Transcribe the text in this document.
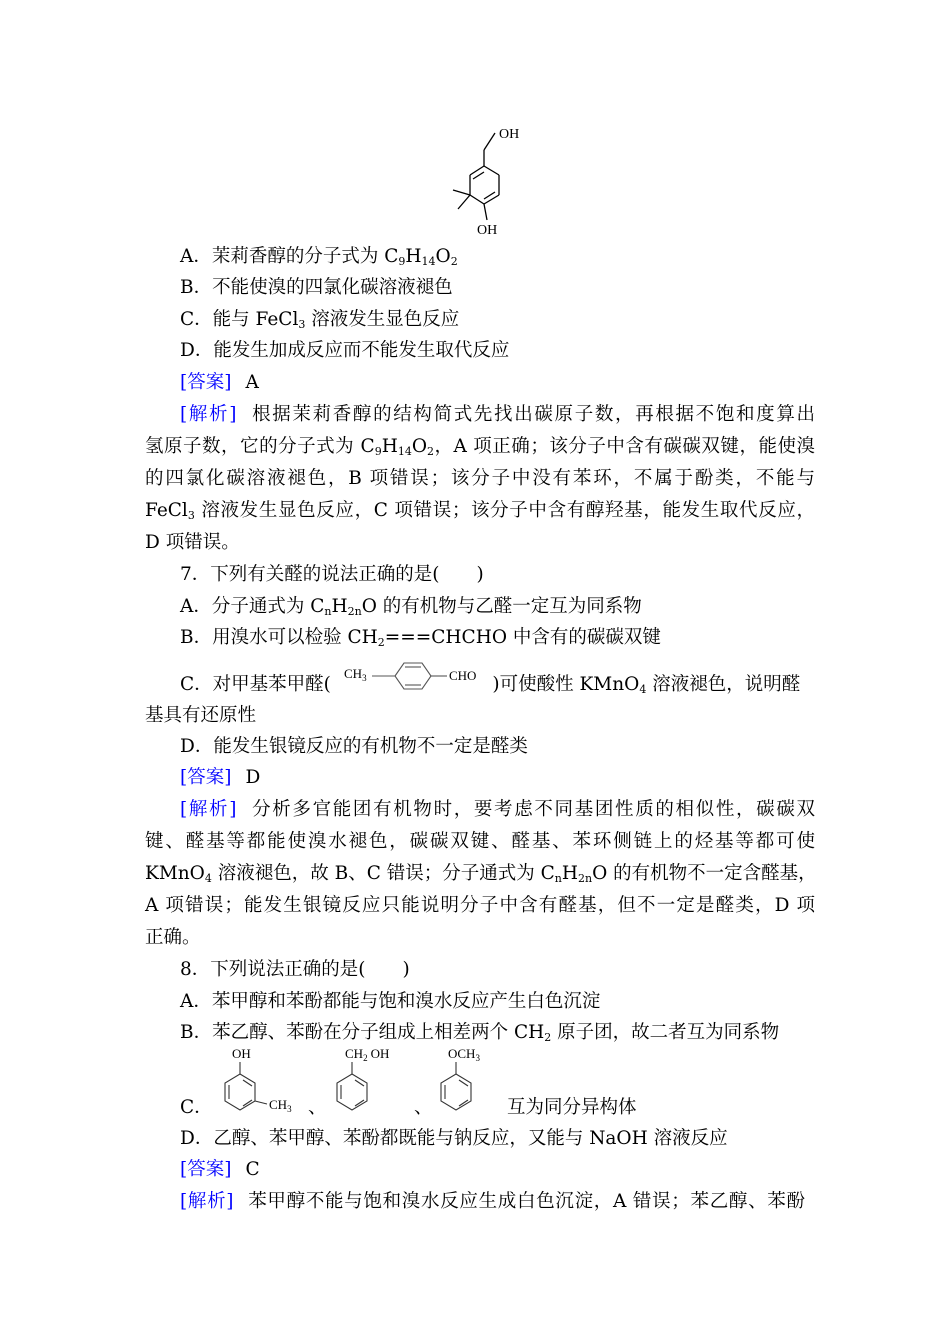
OH
OH
A．茉莉香醇的分子式为 $C_9H_{14}O_2$
B．不能使溴的四氯化碳溶液褪色
C．能与 FeCl$_3$ 溶液发生显色反应
D．能发生加成反应而不能发生取代反应
[答案] A
[解析] 根据茉莉香醇的结构简式先找出碳原子数，再根据不饱和度算出
氢原子数，它的分子式为 $C_9H_{14}O_2$，A 项正确；该分子中含有碳碳双键，能使溴
的四氯化碳溶液褪色，B 项错误；该分子中没有苯环，不属于酚类，不能与
FeCl$_3$ 溶液发生显色反应，C 项错误；该分子中含有醇羟基，能发生取代反应，
D 项错误。
7．下列有关醛的说法正确的是(　　)
A．分子通式为 $C_nH_{2n}O$ 的有机物与乙醛一定互为同系物
B．用溴水可以检验 $CH_2===CHCHO$ 中含有的碳碳双键
C．对甲基苯甲醛(	　)可使酸性 KMnO$_4$ 溶液褪色，说明醛
$CH_3$	CHO
基具有还原性
D．能发生银镜反应的有机物不一定是醛类
[答案] D
[解析] 分析多官能团有机物时，要考虑不同基团性质的相似性，碳碳双
键、醛基等都能使溴水褪色，碳碳双键、醛基、苯环侧链上的烃基等都可使
KMnO$_4$ 溶液褪色，故 B、C 错误；分子通式为 $C_nH_{2n}O$ 的有机物不一定含醛基，
A 项错误；能发生银镜反应只能说明分子中含有醛基，但不一定是醛类，D 项
正确。
8．下列说法正确的是(　　)
A．苯甲醇和苯酚都能与饱和溴水反应产生白色沉淀
B．苯乙醇、苯酚在分子组成上相差两个 $CH_2$ 原子团，故二者互为同系物
C．
OH
$CH_3$ 、
$CH_2$ OH
、
$OCH_3$
互为同分异构体
D．乙醇、苯甲醇、苯酚都既能与钠反应，又能与 NaOH 溶液反应
[答案] C
[解析] 苯甲醇不能与饱和溴水反应生成白色沉淀，A 错误；苯乙醇、苯酚
